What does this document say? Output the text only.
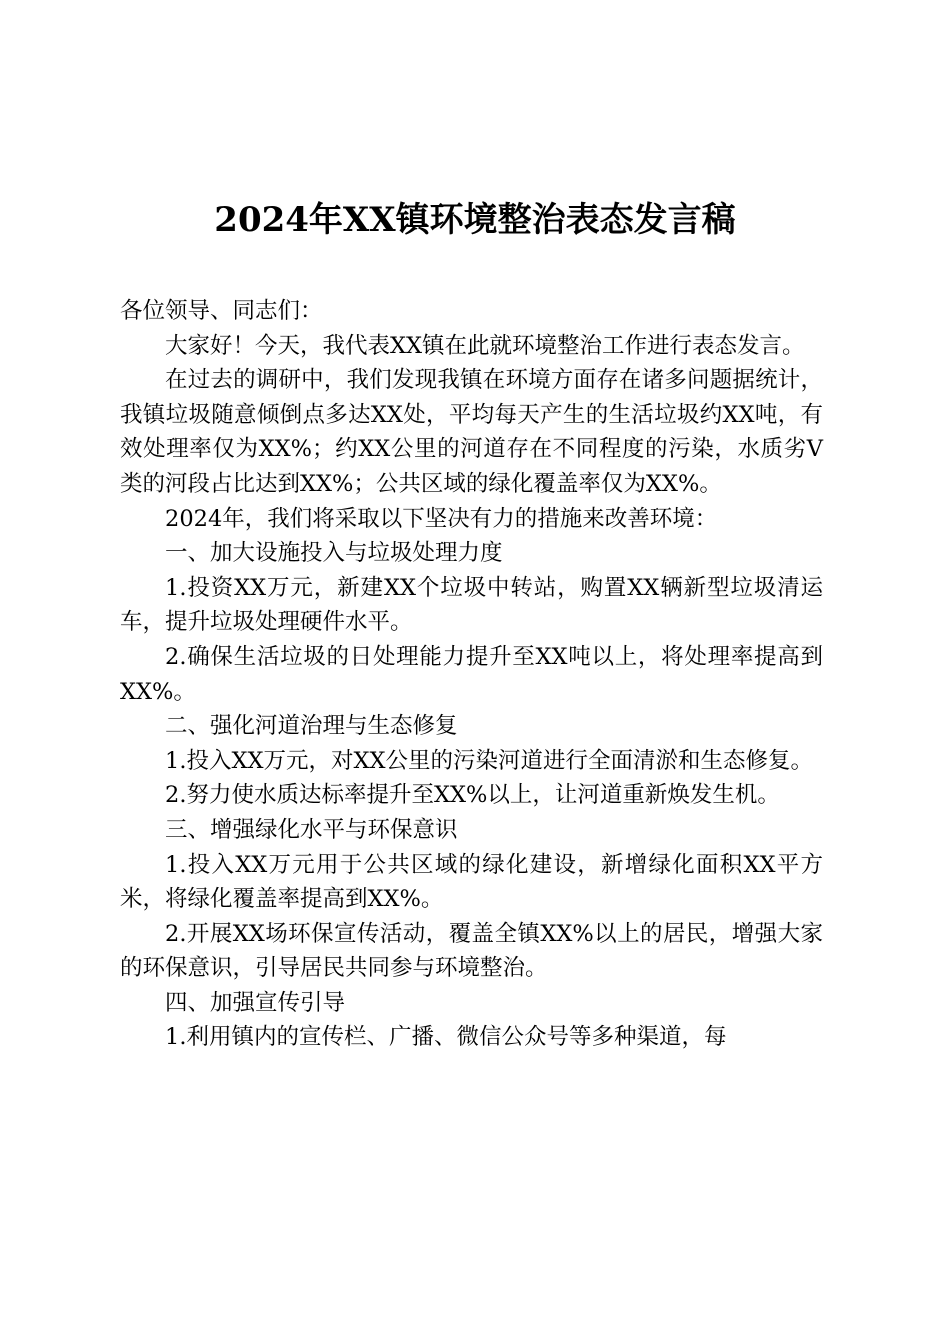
2024年XX镇环境整治表态发言稿

各位领导、同志们：

大家好！今天，我代表XX镇在此就环境整治工作进行表态发言。

在过去的调研中，我们发现我镇在环境方面存在诸多问题据统计，我镇垃圾随意倾倒点多达XX处，平均每天产生的生活垃圾约XX吨，有效处理率仅为XX%；约XX公里的河道存在不同程度的污染，水质劣V类的河段占比达到XX%；公共区域的绿化覆盖率仅为XX%。

2024年，我们将采取以下坚决有力的措施来改善环境：

一、加大设施投入与垃圾处理力度

1.投资XX万元，新建XX个垃圾中转站，购置XX辆新型垃圾清运车，提升垃圾处理硬件水平。

2.确保生活垃圾的日处理能力提升至XX吨以上，将处理率提高到XX%。

二、强化河道治理与生态修复

1.投入XX万元，对XX公里的污染河道进行全面清淤和生态修复。

2.努力使水质达标率提升至XX%以上，让河道重新焕发生机。

三、增强绿化水平与环保意识

1.投入XX万元用于公共区域的绿化建设，新增绿化面积XX平方米，将绿化覆盖率提高到XX%。

2.开展XX场环保宣传活动，覆盖全镇XX%以上的居民，增强大家的环保意识，引导居民共同参与环境整治。

四、加强宣传引导

1.利用镇内的宣传栏、广播、微信公众号等多种渠道，每
